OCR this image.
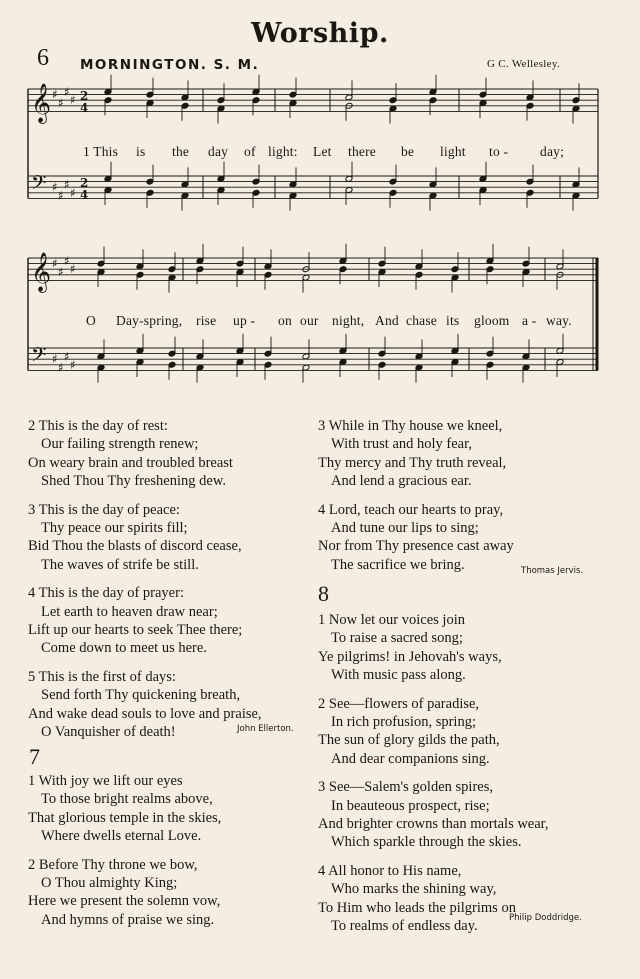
Worship.
6 MORNINGTON. S. M.	G C. Wellesley.
𝄞
𝄢
♯
♯
♯
♯
♯
♯
♯
♯
𝄞
𝄢
♯
♯
♯
♯
♯
♯
♯
♯
2
4
2
4
1 This is the day of light: Let there be light to - day;
O Day-spring, rise up - on our night, And chase its gloom a - way.
2 This is the day of rest:
Our failing strength renew;
On weary brain and troubled breast
Shed Thou Thy freshening dew.
3 This is the day of peace:
Thy peace our spirits fill;
Bid Thou the blasts of discord cease,
The waves of strife be still.
4 This is the day of prayer:
Let earth to heaven draw near;
Lift up our hearts to seek Thee there;
Come down to meet us here.
5 This is the first of days:
Send forth Thy quickening breath,
And wake dead souls to love and praise,
O Vanquisher of death!	John Ellerton.
7
1 With joy we lift our eyes
To those bright realms above,
That glorious temple in the skies,
Where dwells eternal Love.
2 Before Thy throne we bow,
O Thou almighty King;
Here we present the solemn vow,
And hymns of praise we sing.
3 While in Thy house we kneel,
With trust and holy fear,
Thy mercy and Thy truth reveal,
And lend a gracious ear.
4 Lord, teach our hearts to pray,
And tune our lips to sing;
Nor from Thy presence cast away
The sacrifice we bring.	Thomas Jervis.
8
1 Now let our voices join
To raise a sacred song;
Ye pilgrims! in Jehovah's ways,
With music pass along.
2 See—flowers of paradise,
In rich profusion, spring;
The sun of glory gilds the path,
And dear companions sing.
3 See—Salem's golden spires,
In beauteous prospect, rise;
And brighter crowns than mortals wear,
Which sparkle through the skies.
4 All honor to His name,
Who marks the shining way,
To Him who leads the pilgrims on
To realms of endless day.
Philip Doddridge.
